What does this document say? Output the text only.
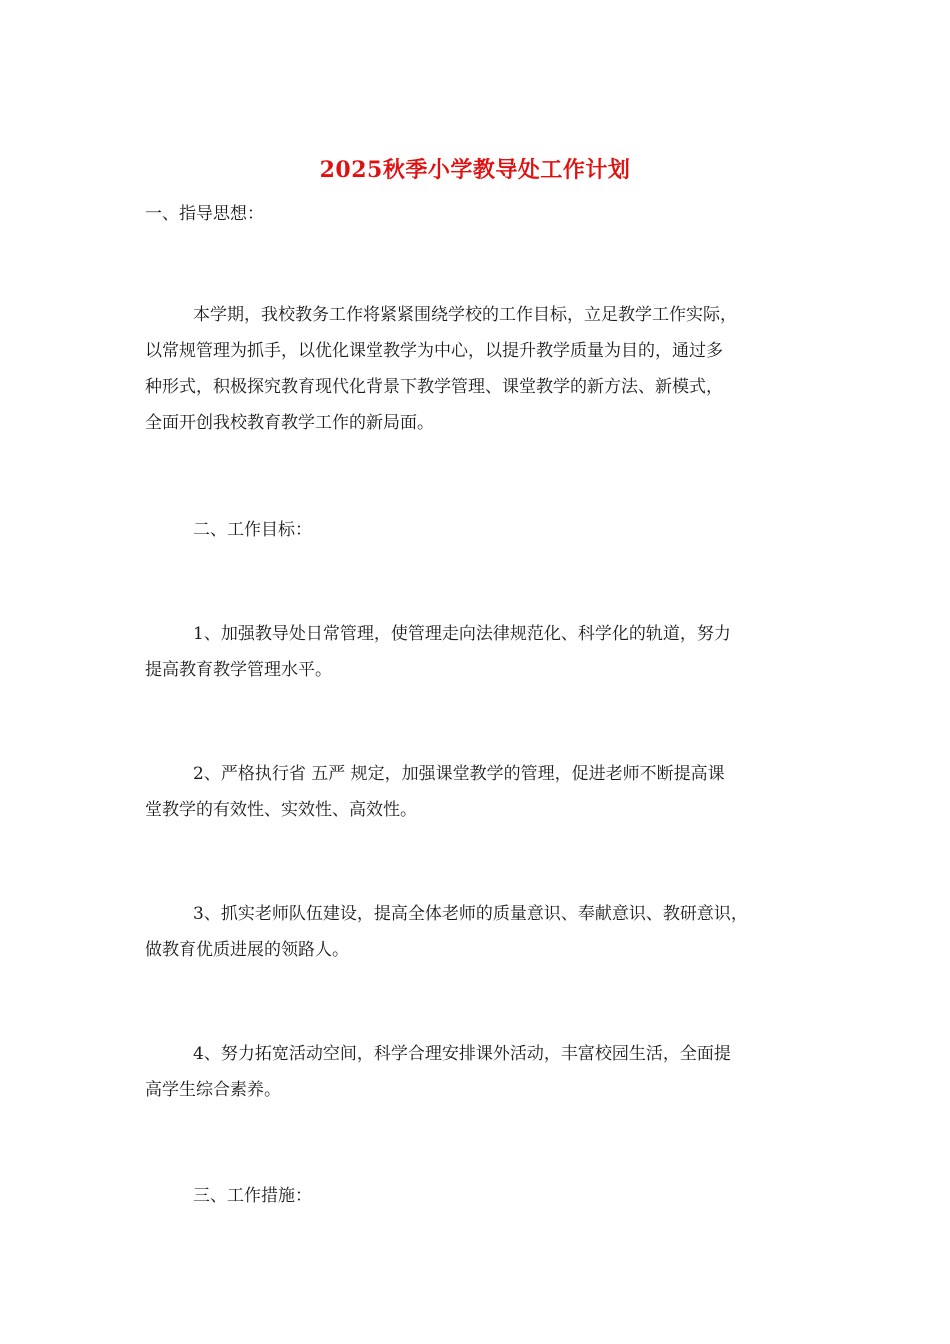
2025秋季小学教导处工作计划
一、指导思想：
本学期，我校教务工作将紧紧围绕学校的工作目标，立足教学工作实际，
以常规管理为抓手，以优化课堂教学为中心，以提升教学质量为目的，通过多
种形式，积极探究教育现代化背景下教学管理、课堂教学的新方法、新模式，
全面开创我校教育教学工作的新局面。
二、工作目标：
1、加强教导处日常管理，使管理走向法律规范化、科学化的轨道，努力
提高教育教学管理水平。
2、严格执行省 五严 规定，加强课堂教学的管理，促进老师不断提高课
堂教学的有效性、实效性、高效性。
3、抓实老师队伍建设，提高全体老师的质量意识、奉献意识、教研意识，
做教育优质进展的领路人。
4、努力拓宽活动空间，科学合理安排课外活动，丰富校园生活，全面提
高学生综合素养。
三、工作措施：
